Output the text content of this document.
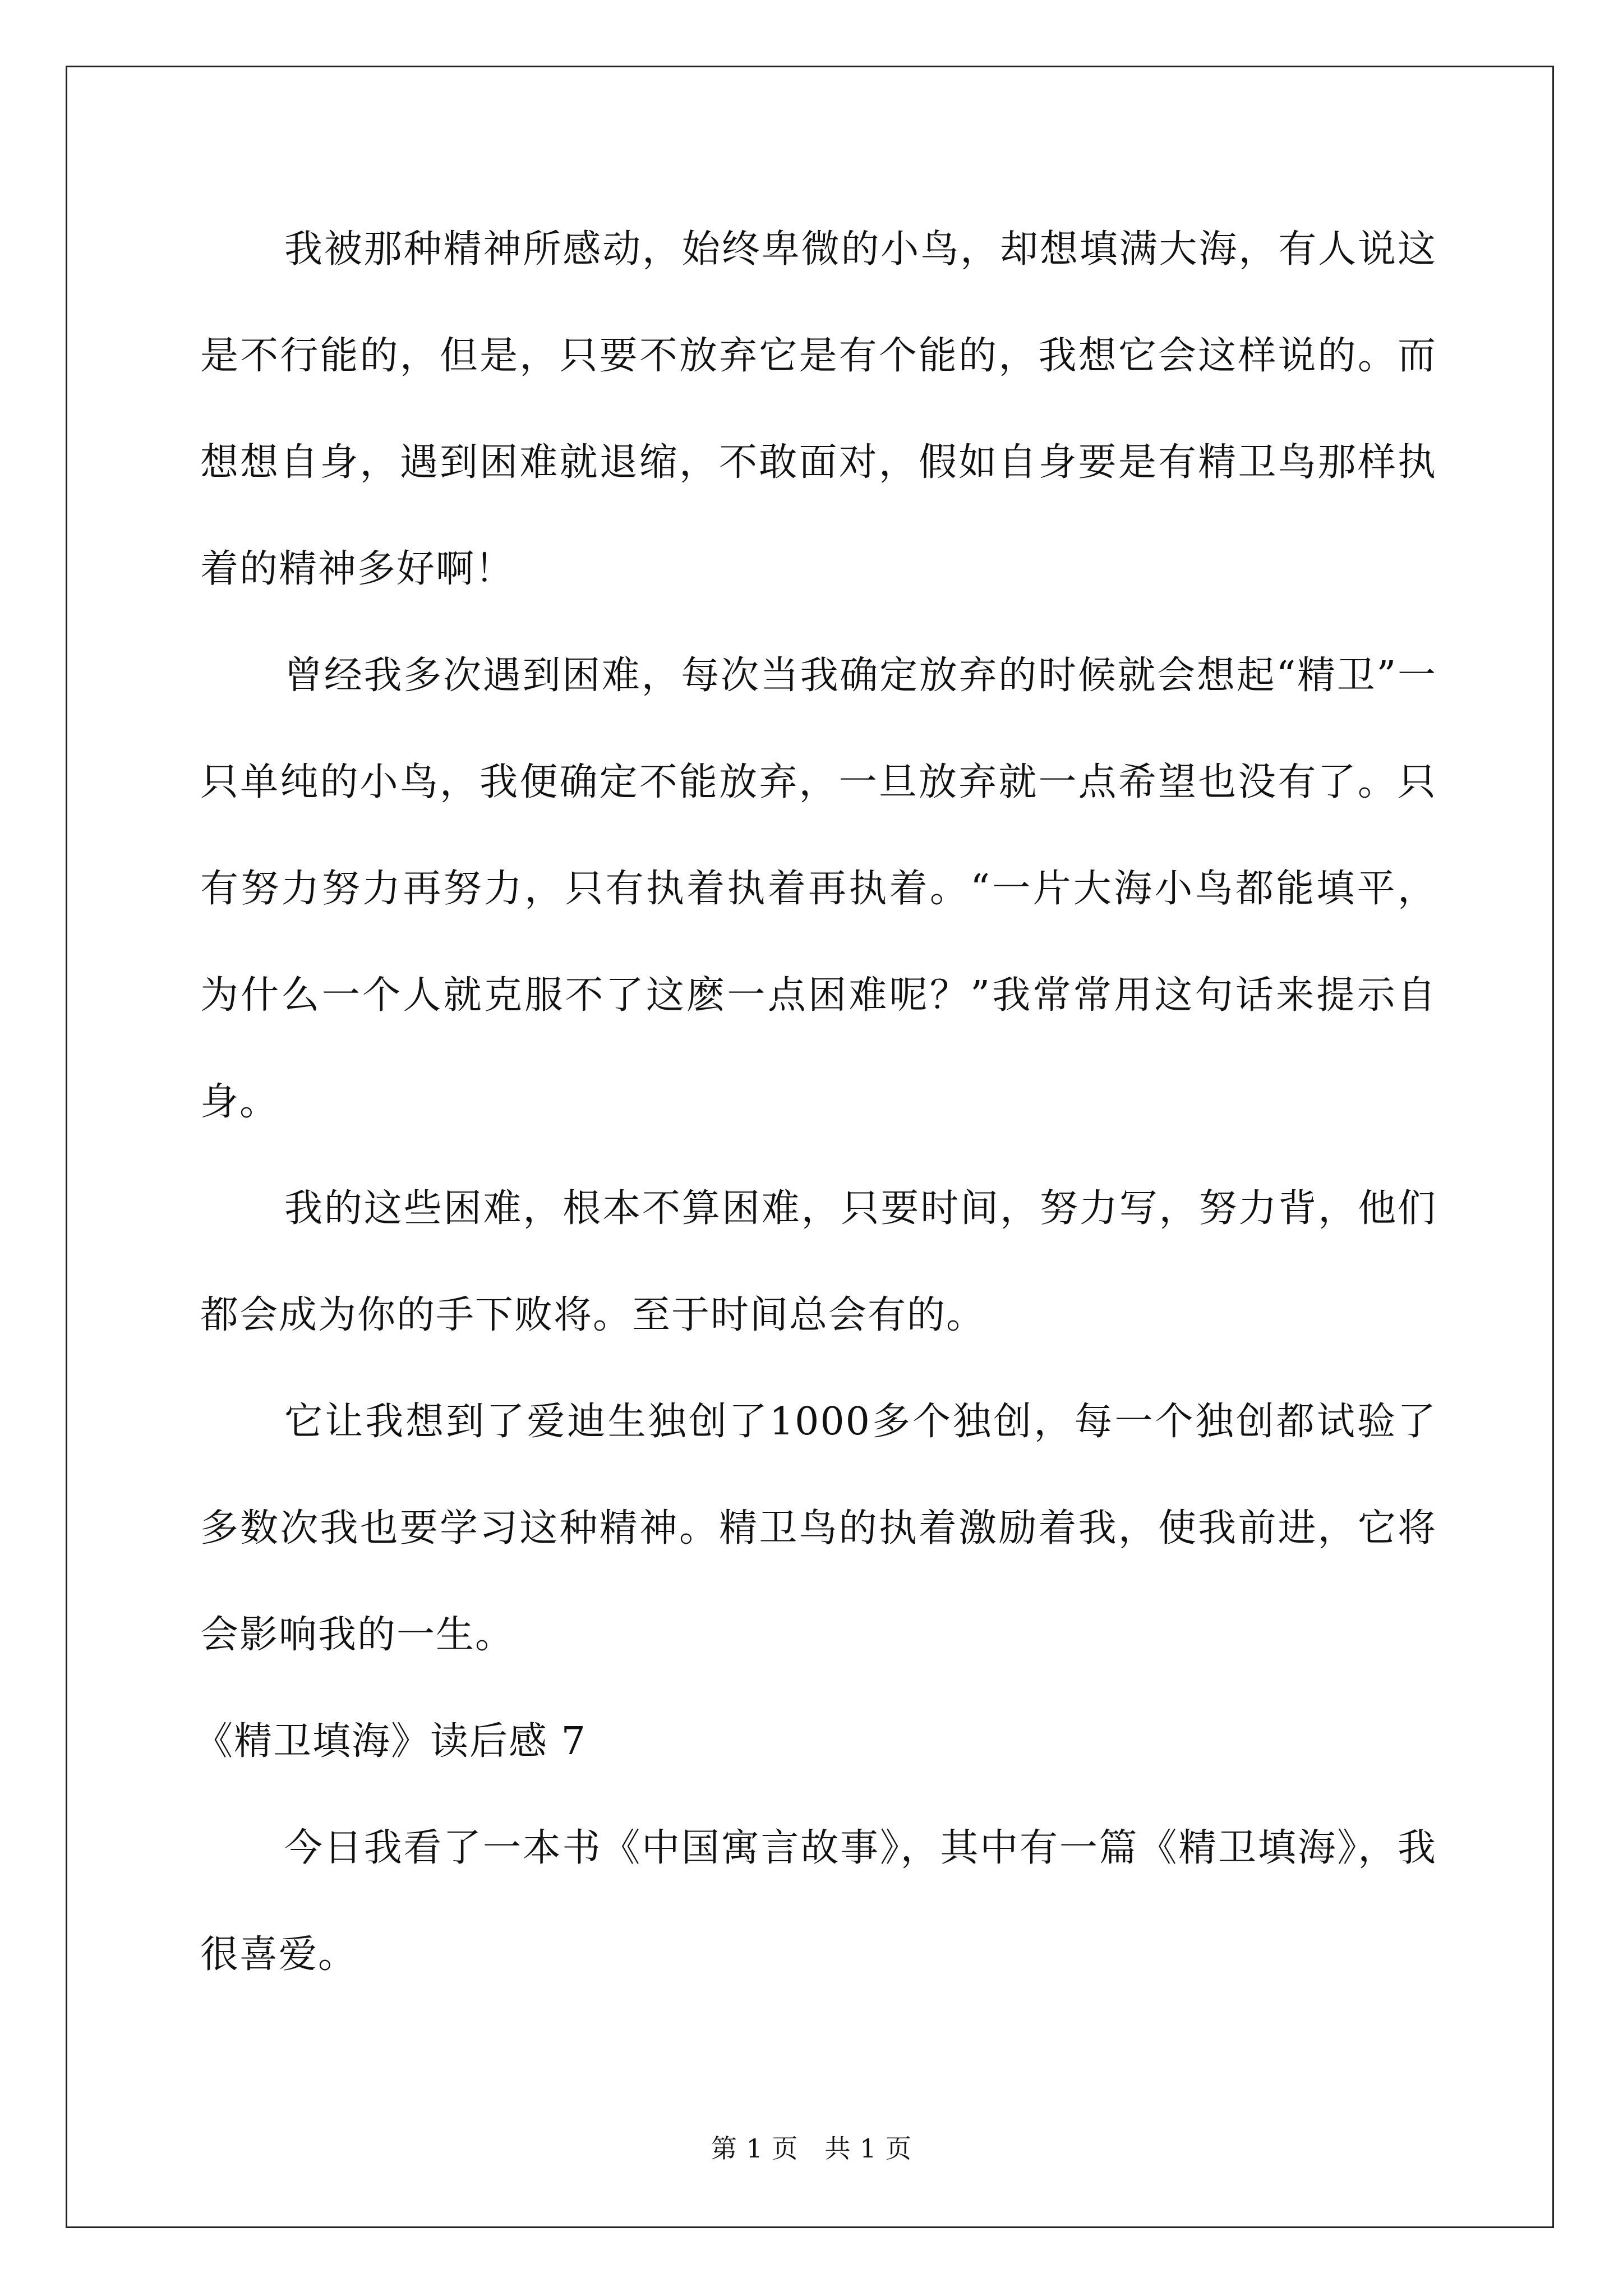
我被那种精神所感动，始终卑微的小鸟，却想填满大海，有人说这是不行能的，但是，只要不放弃它是有个能的，我想它会这样说的。而想想自身，遇到困难就退缩，不敢面对，假如自身要是有精卫鸟那样执着的精神多好啊！

曾经我多次遇到困难，每次当我确定放弃的时候就会想起“精卫”一只单纯的小鸟，我便确定不能放弃，一旦放弃就一点希望也没有了。只有努力努力再努力，只有执着执着再执着。“一片大海小鸟都能填平，为什么一个人就克服不了这麽一点困难呢？”我常常用这句话来提示自身。

我的这些困难，根本不算困难，只要时间，努力写，努力背，他们都会成为你的手下败将。至于时间总会有的。

它让我想到了爱迪生独创了1000多个独创，每一个独创都试验了多数次我也要学习这种精神。精卫鸟的执着激励着我，使我前进，它将会影响我的一生。

《精卫填海》读后感 7

今日我看了一本书《中国寓言故事》，其中有一篇《精卫填海》，我很喜爱。

第 1 页　共 1 页
